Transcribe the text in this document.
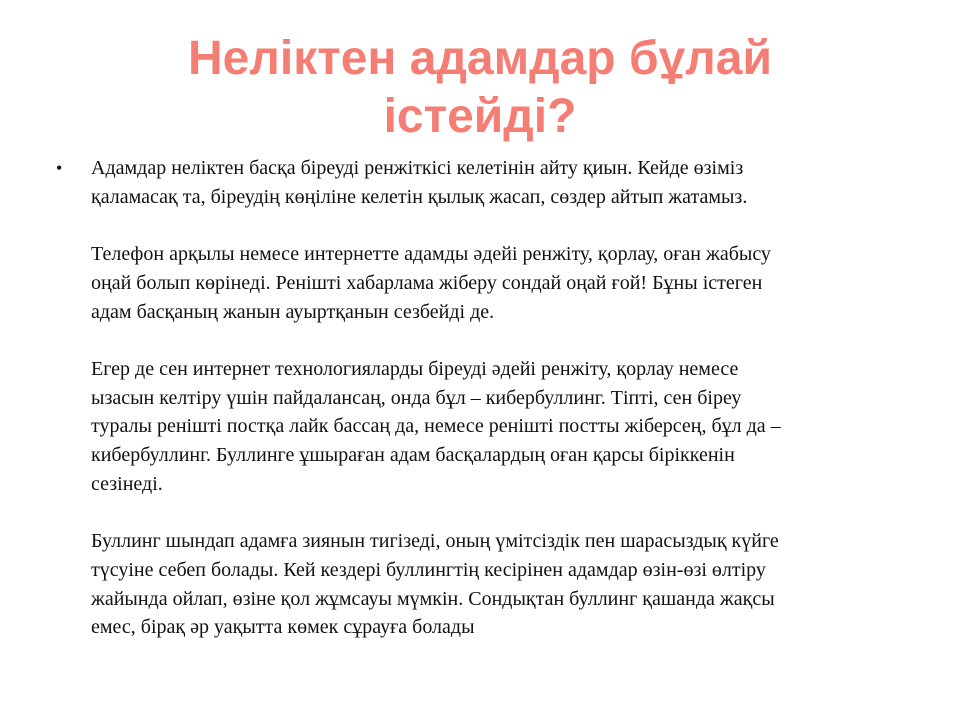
Неліктен адамдар бұлай
істейді?
•	Адамдар неліктен басқа біреуді ренжіткісі келетінін айту қиын. Кейде өзіміз
қаламасақ та, біреудің көңіліне келетін қылық жасап, сөздер айтып жатамыз.

Телефон арқылы немесе интернетте адамды әдейі ренжіту, қорлау, оған жабысу
оңай болып көрінеді. Ренішті хабарлама жіберу сондай оңай ғой! Бұны істеген
адам басқаның жанын ауыртқанын сезбейді де.

Егер де сен интернет технологияларды біреуді әдейі ренжіту, қорлау немесе
ызасын келтіру үшін пайдалансаң, онда бұл – кибербуллинг. Тіпті, сен біреу
туралы ренішті постқа лайк бассаң да, немесе ренішті постты жіберсең, бұл да –
кибербуллинг. Буллинге ұшыраған адам басқалардың оған қарсы біріккенін
сезінеді.

Буллинг шындап адамға зиянын тигізеді, оның үмітсіздік пен шарасыздық күйге
түсуіне себеп болады. Кей кездері буллингтің кесірінен адамдар өзін-өзі өлтіру
жайында ойлап, өзіне қол жұмсауы мүмкін. Сондықтан буллинг қашанда жақсы
емес, бірақ әр уақытта көмек сұрауға болады
